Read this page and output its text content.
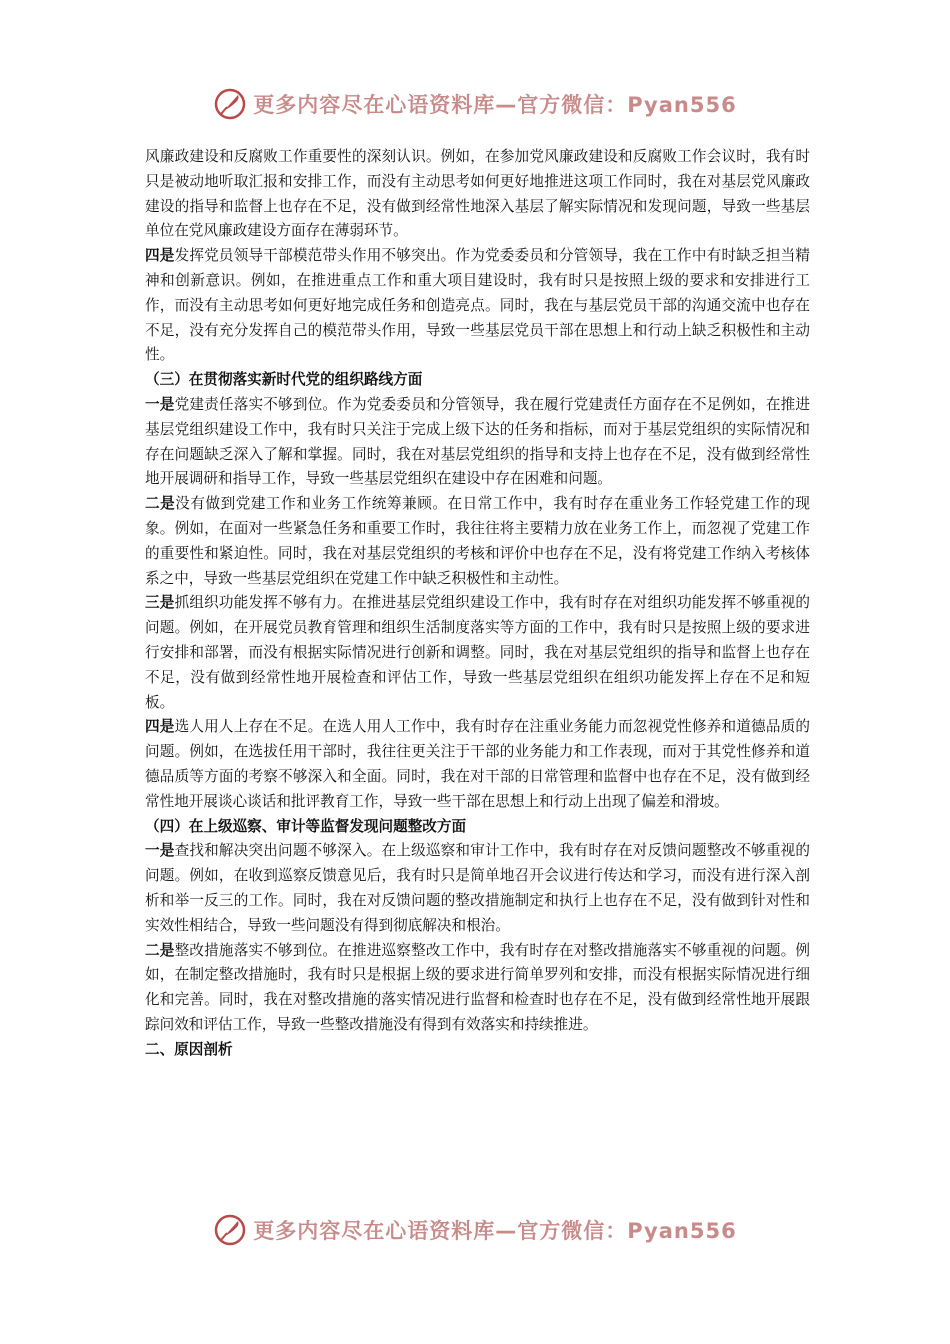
更多内容尽在心语资料库—官方微信：Pyan556

风廉政建设和反腐败工作重要性的深刻认识。例如，在参加党风廉政建设和反腐败工作会议时，我有时只是被动地听取汇报和安排工作，而没有主动思考如何更好地推进这项工作同时，我在对基层党风廉政建设的指导和监督上也存在不足，没有做到经常性地深入基层了解实际情况和发现问题，导致一些基层单位在党风廉政建设方面存在薄弱环节。

四是发挥党员领导干部模范带头作用不够突出。作为党委委员和分管领导，我在工作中有时缺乏担当精神和创新意识。例如，在推进重点工作和重大项目建设时，我有时只是按照上级的要求和安排进行工作，而没有主动思考如何更好地完成任务和创造亮点。同时，我在与基层党员干部的沟通交流中也存在不足，没有充分发挥自己的模范带头作用，导致一些基层党员干部在思想上和行动上缺乏积极性和主动性。

（三）在贯彻落实新时代党的组织路线方面

一是党建责任落实不够到位。作为党委委员和分管领导，我在履行党建责任方面存在不足例如，在推进基层党组织建设工作中，我有时只关注于完成上级下达的任务和指标，而对于基层党组织的实际情况和存在问题缺乏深入了解和掌握。同时，我在对基层党组织的指导和支持上也存在不足，没有做到经常性地开展调研和指导工作，导致一些基层党组织在建设中存在困难和问题。

二是没有做到党建工作和业务工作统筹兼顾。在日常工作中，我有时存在重业务工作轻党建工作的现象。例如，在面对一些紧急任务和重要工作时，我往往将主要精力放在业务工作上，而忽视了党建工作的重要性和紧迫性。同时，我在对基层党组织的考核和评价中也存在不足，没有将党建工作纳入考核体系之中，导致一些基层党组织在党建工作中缺乏积极性和主动性。

三是抓组织功能发挥不够有力。在推进基层党组织建设工作中，我有时存在对组织功能发挥不够重视的问题。例如，在开展党员教育管理和组织生活制度落实等方面的工作中，我有时只是按照上级的要求进行安排和部署，而没有根据实际情况进行创新和调整。同时，我在对基层党组织的指导和监督上也存在不足，没有做到经常性地开展检查和评估工作，导致一些基层党组织在组织功能发挥上存在不足和短板。

四是选人用人上存在不足。在选人用人工作中，我有时存在注重业务能力而忽视党性修养和道德品质的问题。例如，在选拔任用干部时，我往往更关注于干部的业务能力和工作表现，而对于其党性修养和道德品质等方面的考察不够深入和全面。同时，我在对干部的日常管理和监督中也存在不足，没有做到经常性地开展谈心谈话和批评教育工作，导致一些干部在思想上和行动上出现了偏差和滑坡。

（四）在上级巡察、审计等监督发现问题整改方面

一是查找和解决突出问题不够深入。在上级巡察和审计工作中，我有时存在对反馈问题整改不够重视的问题。例如，在收到巡察反馈意见后，我有时只是简单地召开会议进行传达和学习，而没有进行深入剖析和举一反三的工作。同时，我在对反馈问题的整改措施制定和执行上也存在不足，没有做到针对性和实效性相结合，导致一些问题没有得到彻底解决和根治。

二是整改措施落实不够到位。在推进巡察整改工作中，我有时存在对整改措施落实不够重视的问题。例如，在制定整改措施时，我有时只是根据上级的要求进行简单罗列和安排，而没有根据实际情况进行细化和完善。同时，我在对整改措施的落实情况进行监督和检查时也存在不足，没有做到经常性地开展跟踪问效和评估工作，导致一些整改措施没有得到有效落实和持续推进。

二、原因剖析

更多内容尽在心语资料库—官方微信：Pyan556
